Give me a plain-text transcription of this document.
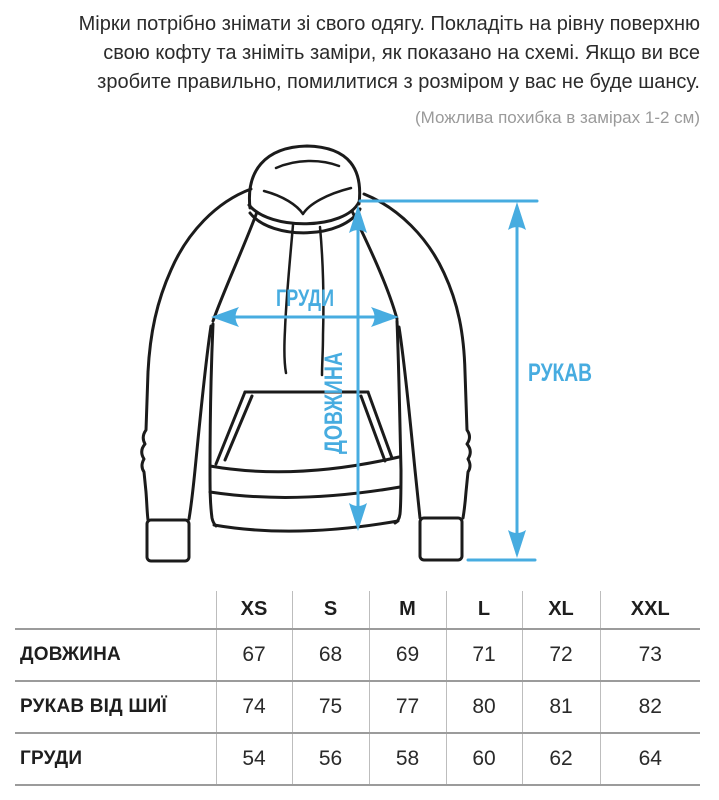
Мірки потрібно знімати зі свого одягу. Покладіть на рівну поверхню
свою кофту та зніміть заміри, як показано на схемі. Якщо ви все
зробите правильно, помилитися з розміром у вас не буде шансу.
(Можлива похибка в замірах 1-2 см)
ГРУДИ
ДОВЖИНА	РУКАВ
	XS	S	M	L	XL	XXL
ДОВЖИНА	67	68	69	71	72	73
РУКАВ ВІД ШИЇ	74	75	77	80	81	82
ГРУДИ	54	56	58	60	62	64
